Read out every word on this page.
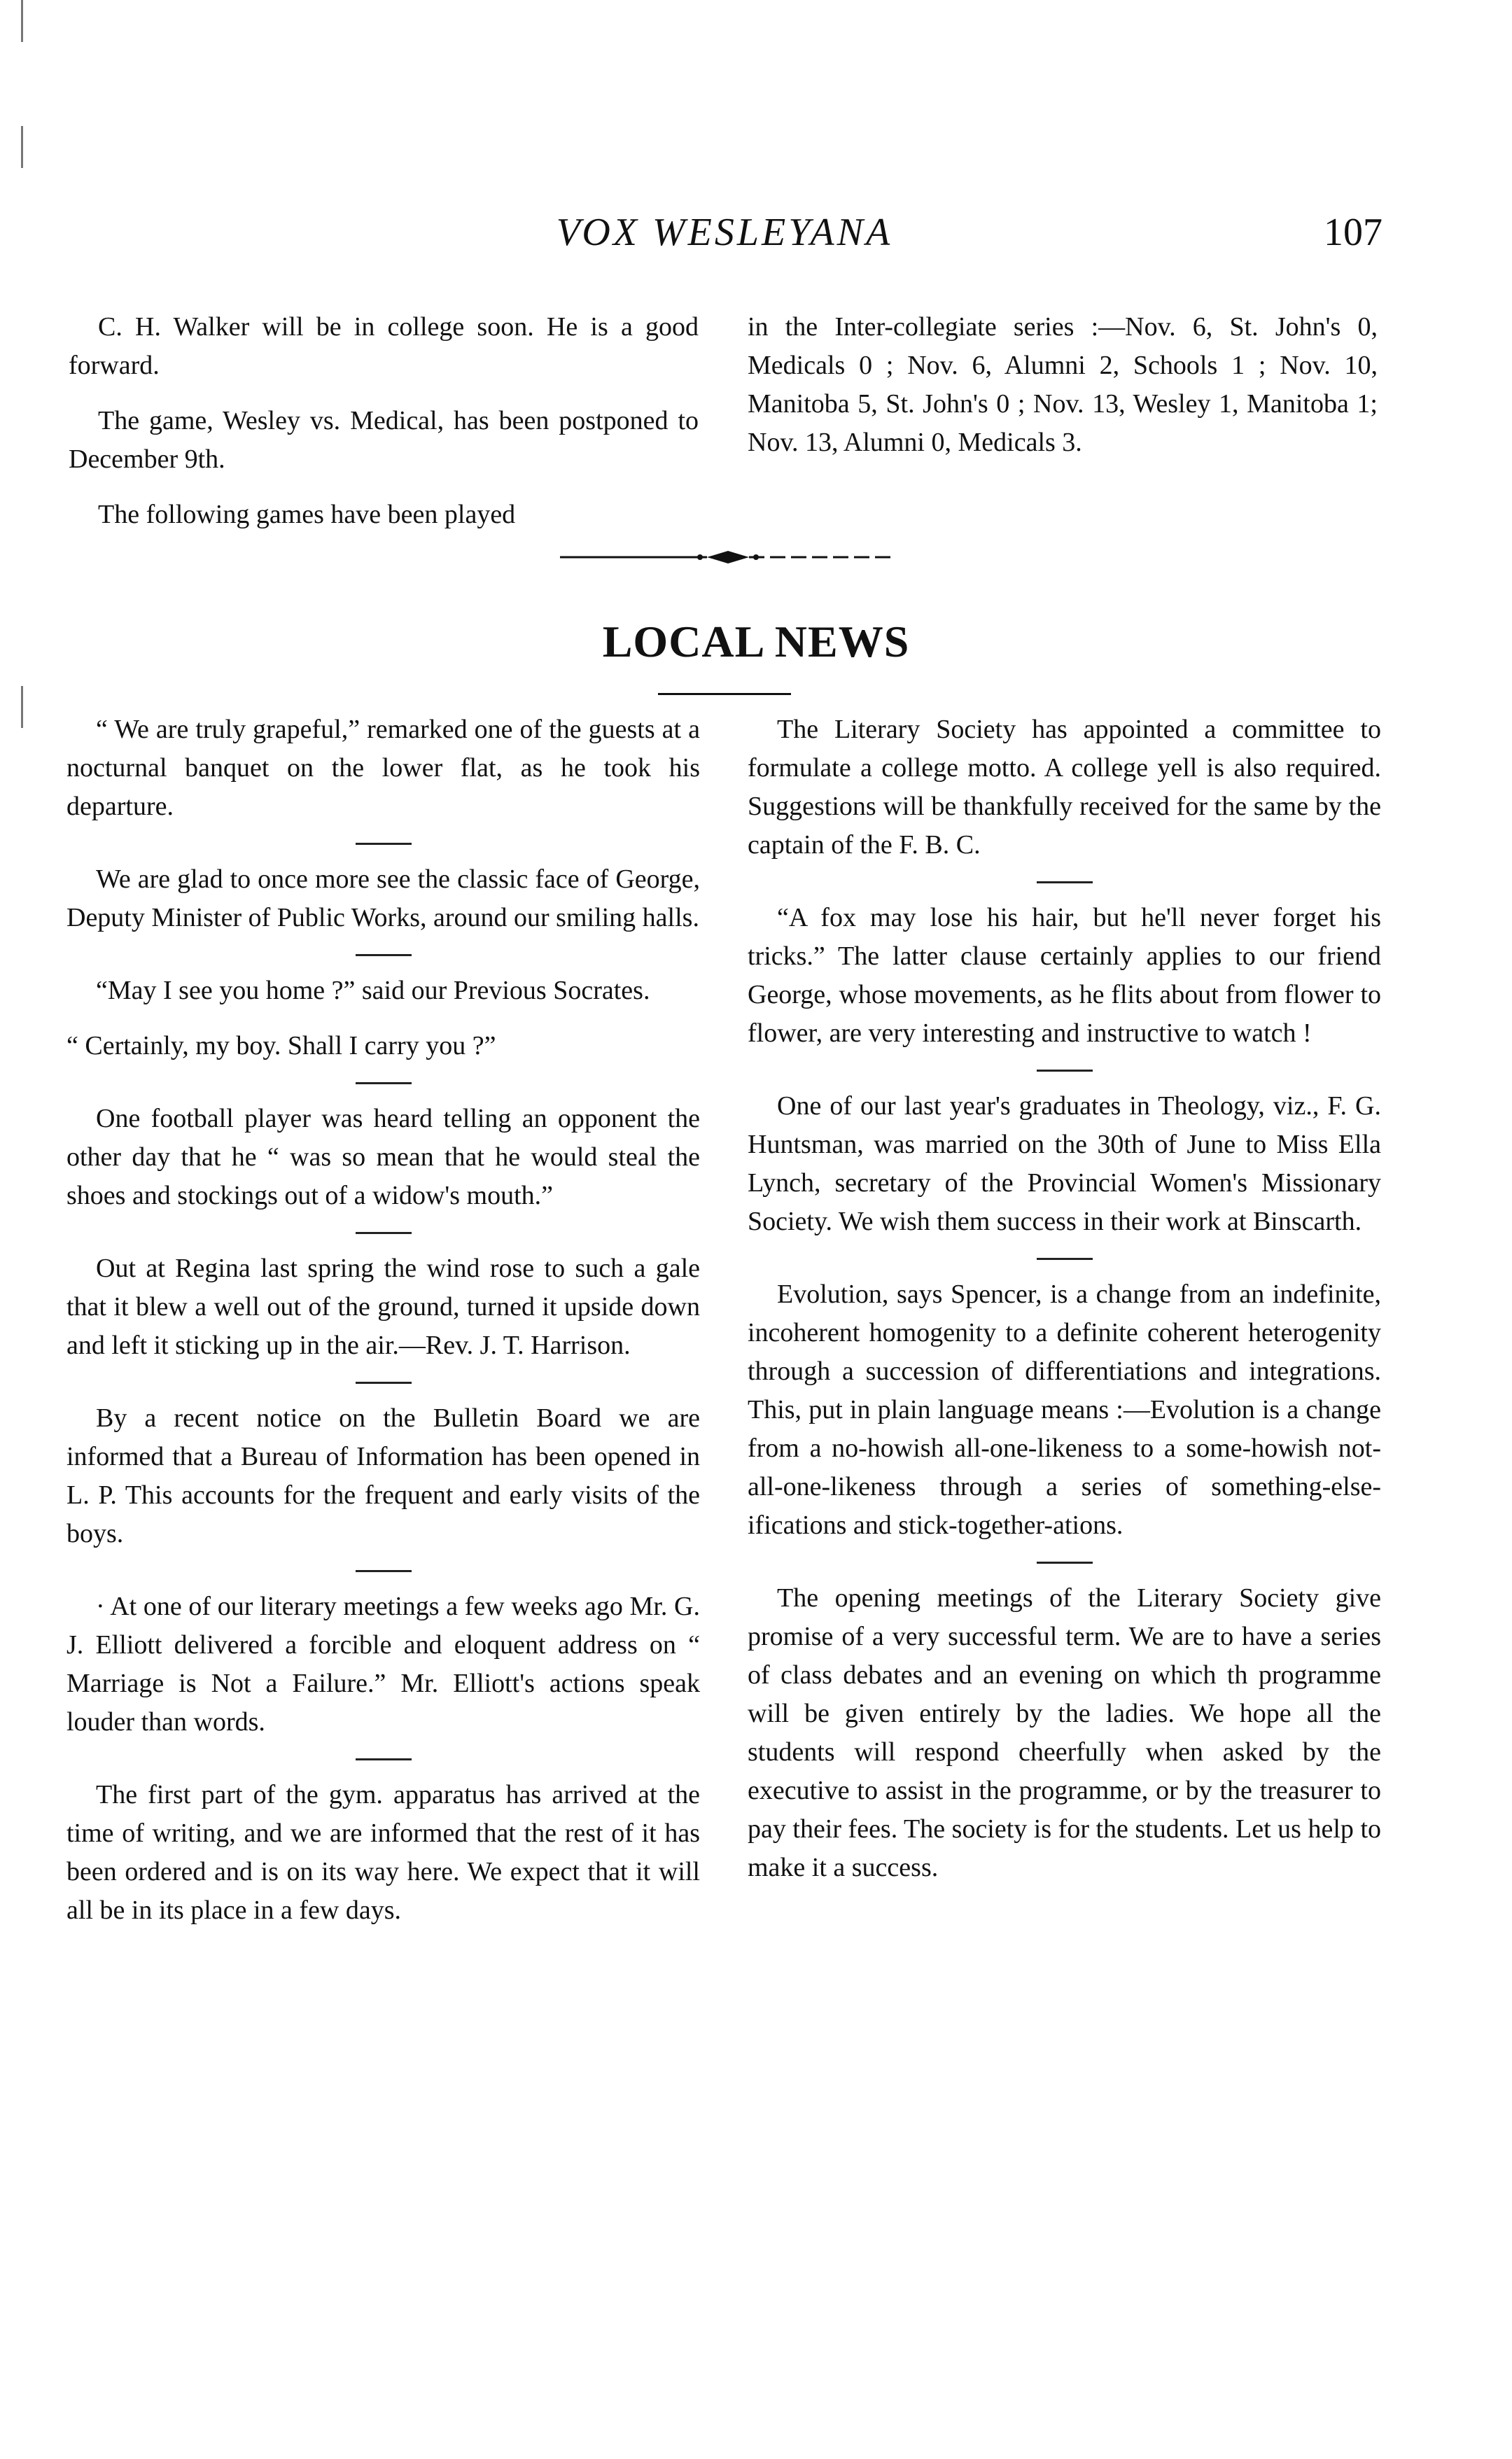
VOX WESLEYANA	107

C. H. Walker will be in college soon. He is a good forward.

The game, Wesley vs. Medical, has been postponed to December 9th.

The following games have been played

in the Inter-collegiate series :—Nov. 6, St. John's 0, Medicals 0 ; Nov. 6, Alumni 2, Schools 1 ; Nov. 10, Manitoba 5, St. John's 0 ; Nov. 13, Wesley 1, Manitoba 1; Nov. 13, Alumni 0, Medicals 3.

LOCAL NEWS

“ We are truly grapeful,” remarked one of the guests at a nocturnal banquet on the lower flat, as he took his departure.

We are glad to once more see the classic face of George, Deputy Minister of Public Works, around our smiling halls.

“May I see you home ?” said our Previous Socrates.

“ Certainly, my boy. Shall I carry you ?”

One football player was heard telling an opponent the other day that he “ was so mean that he would steal the shoes and stockings out of a widow's mouth.”

Out at Regina last spring the wind rose to such a gale that it blew a well out of the ground, turned it upside down and left it sticking up in the air.—Rev. J. T. Harrison.

By a recent notice on the Bulletin Board we are informed that a Bureau of Information has been opened in L. P. This accounts for the frequent and early visits of the boys.

· At one of our literary meetings a few weeks ago Mr. G. J. Elliott delivered a forcible and eloquent address on “ Marriage is Not a Failure.” Mr. Elliott's actions speak louder than words.

The first part of the gym. apparatus has arrived at the time of writing, and we are informed that the rest of it has been ordered and is on its way here. We expect that it will all be in its place in a few days.

The Literary Society has appointed a committee to formulate a college motto. A college yell is also required. Suggestions will be thankfully received for the same by the captain of the F. B. C.

“A fox may lose his hair, but he'll never forget his tricks.” The latter clause certainly applies to our friend George, whose movements, as he flits about from flower to flower, are very interesting and instructive to watch !

One of our last year's graduates in Theology, viz., F. G. Huntsman, was married on the 30th of June to Miss Ella Lynch, secretary of the Provincial Women's Missionary Society. We wish them success in their work at Binscarth.

Evolution, says Spencer, is a change from an indefinite, incoherent homogenity to a definite coherent heterogenity through a succession of differentiations and integrations. This, put in plain language means :—Evolution is a change from a no-howish all-one-likeness to a some-howish not-all-one-likeness through a series of something-else-ifications and stick-together-ations.

The opening meetings of the Literary Society give promise of a very successful term. We are to have a series of class debates and an evening on which th programme will be given entirely by the ladies. We hope all the students will respond cheerfully when asked by the executive to assist in the programme, or by the treasurer to pay their fees. The society is for the students. Let us help to make it a success.
